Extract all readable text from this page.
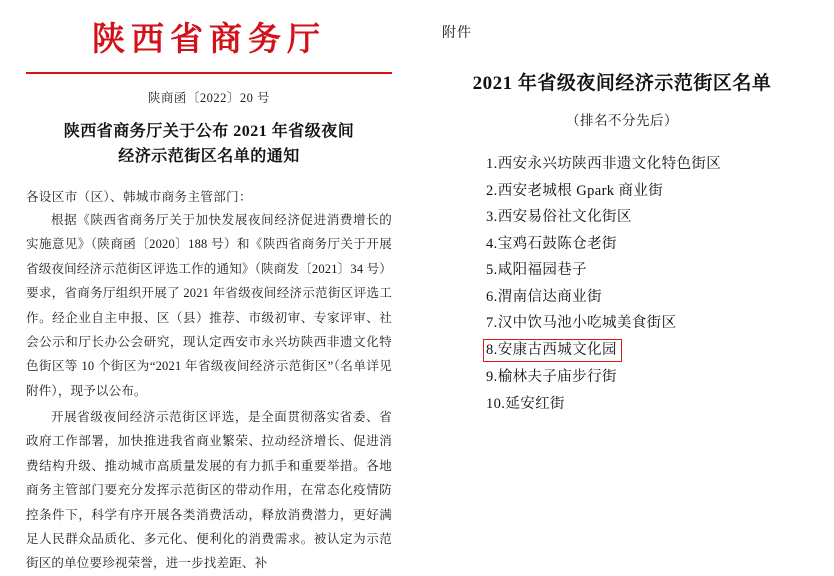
陕西省商务厅
陕商函〔2022〕20 号
陕西省商务厅关于公布 2021 年省级夜间
经济示范街区名单的通知
各设区市（区）、韩城市商务主管部门：

根据《陕西省商务厅关于加快发展夜间经济促进消费增长的实施意见》（陕商函〔2020〕188 号）和《陕西省商务厅关于开展省级夜间经济示范街区评选工作的通知》（陕商发〔2021〕34 号）要求，省商务厅组织开展了 2021 年省级夜间经济示范街区评选工作。经企业自主申报、区（县）推荐、市级初审、专家评审、社会公示和厅长办公会研究，现认定西安市永兴坊陕西非遗文化特色街区等 10 个街区为“2021 年省级夜间经济示范街区”（名单详见附件），现予以公布。

开展省级夜间经济示范街区评选，是全面贯彻落实省委、省政府工作部署，加快推进我省商业繁荣、拉动经济增长、促进消费结构升级、推动城市高质量发展的有力抓手和重要举措。各地商务主管部门要充分发挥示范街区的带动作用，在常态化疫情防控条件下，科学有序开展各类消费活动，释放消费潜力，更好满足人民群众品质化、多元化、便利化的消费需求。被认定为示范街区的单位要珍视荣誉，进一步找差距、补

附件
2021 年省级夜间经济示范街区名单
（排名不分先后）
1.西安永兴坊陕西非遗文化特色街区
2.西安老城根 Gpark 商业街
3.西安易俗社文化街区
4.宝鸡石鼓陈仓老街
5.咸阳福园巷子
6.渭南信达商业街
7.汉中饮马池小吃城美食街区
8.安康古西城文化园
9.榆林夫子庙步行街
10.延安红街
